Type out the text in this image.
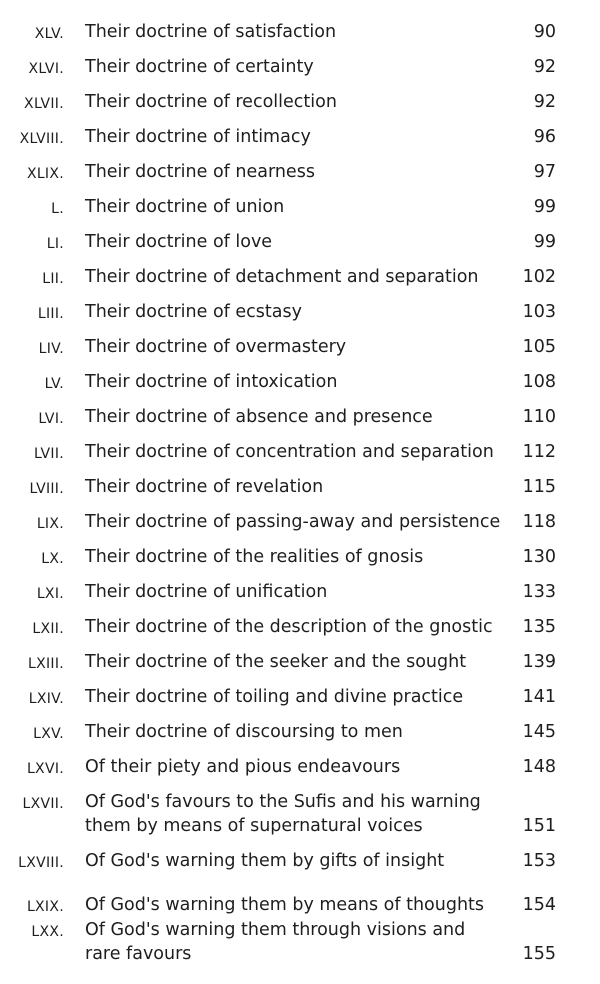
XLV. Their doctrine of satisfaction	90
XLVI. Their doctrine of certainty	92
XLVII. Their doctrine of recollection	92
XLVIII. Their doctrine of intimacy	96
XLIX. Their doctrine of nearness	97
L. Their doctrine of union	99
LI. Their doctrine of love	99
LII. Their doctrine of detachment and separation	102
LIII. Their doctrine of ecstasy	103
LIV. Their doctrine of overmastery	105
LV. Their doctrine of intoxication	108
LVI. Their doctrine of absence and presence	110
LVII. Their doctrine of concentration and separation	112
LVIII. Their doctrine of revelation	115
LIX. Their doctrine of passing-away and persistence	118
LX. Their doctrine of the realities of gnosis	130
LXI. Their doctrine of unification	133
LXII. Their doctrine of the description of the gnostic	135
LXIII. Their doctrine of the seeker and the sought	139
LXIV. Their doctrine of toiling and divine practice	141
LXV. Their doctrine of discoursing to men	145
LXVI. Of their piety and pious endeavours	148
LXVII. Of God's favours to the Sufis and his warning
them by means of supernatural voices	151
LXVIII. Of God's warning them by gifts of insight	153
LXIX. Of God's warning them by means of thoughts	154
LXX. Of God's warning them through visions and
rare favours	155
